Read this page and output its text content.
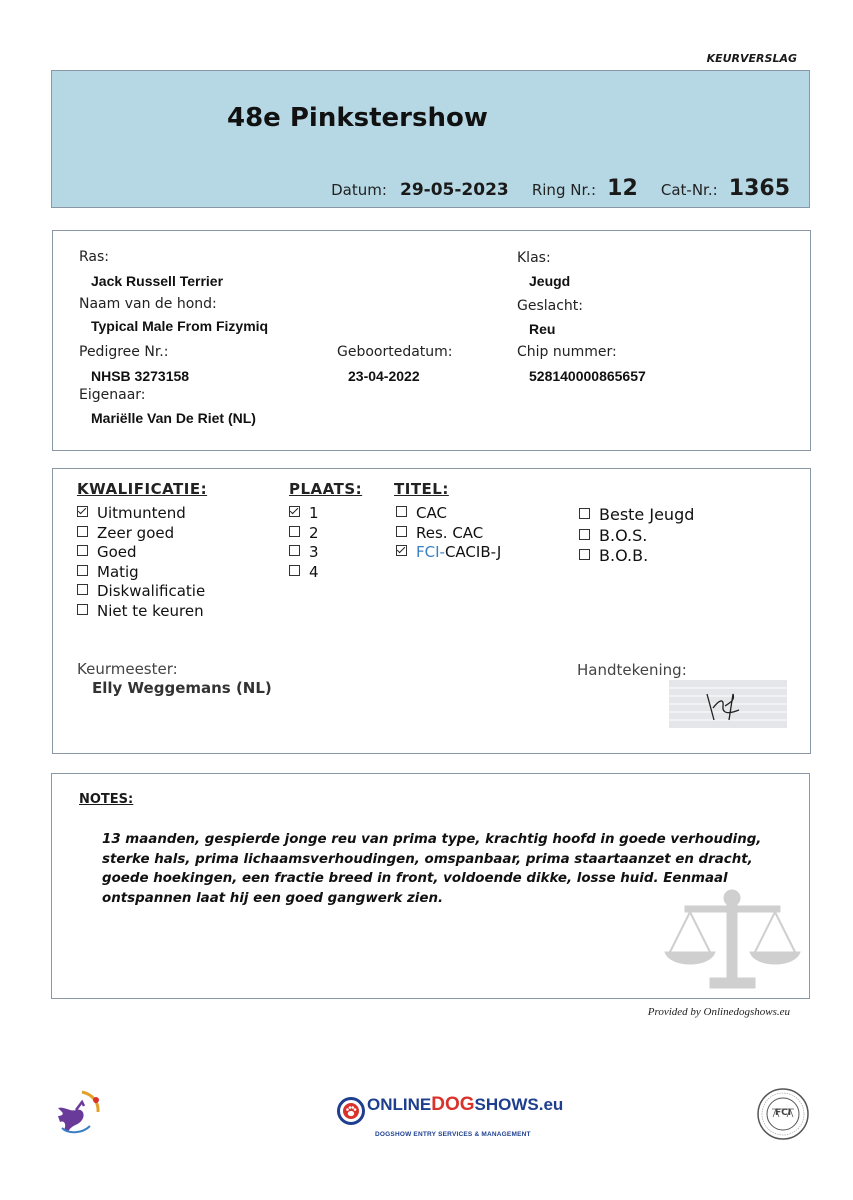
KEURVERSLAG
48e Pinkstershow
Datum: 29-05-2023 Ring Nr.: 12 Cat-Nr.: 1365
Ras:
Jack Russell Terrier
Naam van de hond:
Typical Male From Fizymiq
Pedigree Nr.:
NHSB 3273158
Eigenaar:
Mariëlle Van De Riet (NL)
Geboortedatum:
23-04-2022
Klas:
Jeugd
Geslacht:
Reu
Chip nummer:
528140000865657
KWALIFICATIE:
Uitmuntend
Zeer goed
Goed
Matig
Diskwalificatie
Niet te keuren
PLAATS:
1
2
3
4
TITEL:
CAC
Res. CAC
FCI-CACIB-J
Beste Jeugd
B.O.S.
B.O.B.
Keurmeester:
Elly Weggemans (NL)
Handtekening:
NOTES:
13 maanden, gespierde jonge reu van prima type, krachtig hoofd in goede verhouding, sterke hals, prima lichaamsverhoudingen, omspanbaar, prima staartaanzet en dracht, goede hoekingen, een fractie breed in front, voldoende dikke, losse huid. Eenmaal ontspannen laat hij een goed gangwerk zien.
Provided by Onlinedogshows.eu
ONLINEDOGSHOWS.eu
DOGSHOW ENTRY SERVICES & MANAGEMENT
FCI
